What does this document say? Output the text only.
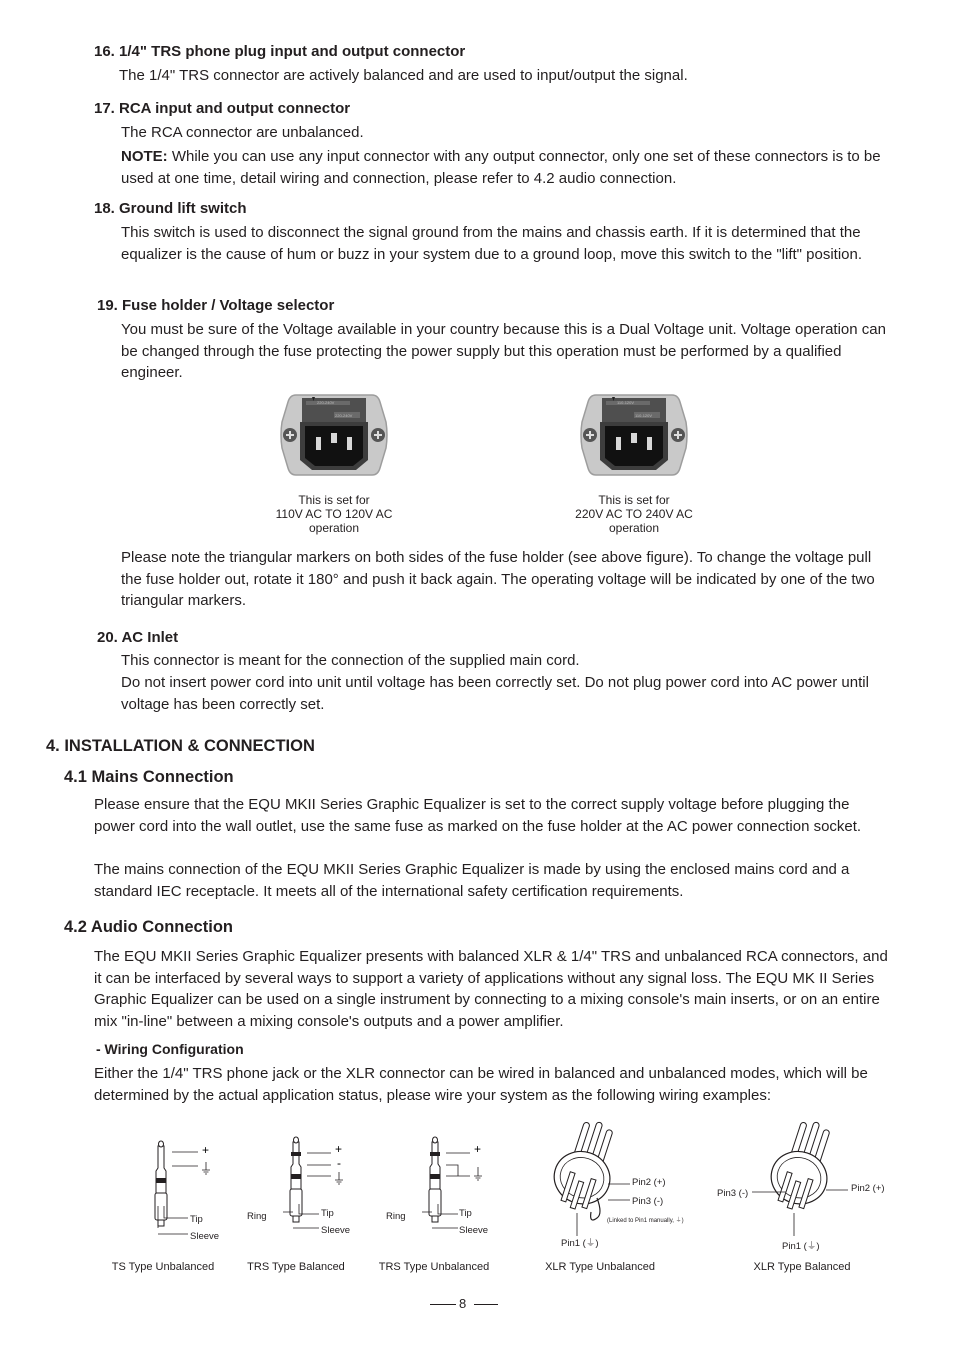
16. 1/4" TRS phone plug input and output connector
The 1/4" TRS connector are actively balanced and are used to input/output the signal.
17. RCA input and output connector
The RCA connector are unbalanced.
NOTE: While you can use any input connector with any output connector, only one set of these connectors is to be used at one time, detail wiring and connection, please refer to 4.2 audio connection.
18. Ground lift switch
This switch is used to disconnect the signal ground from the mains and chassis earth. If it is determined that the equalizer is the cause of hum or buzz in your system due to a ground loop, move this switch to the "lift" position.
19. Fuse holder / Voltage selector
You must be sure of the Voltage available in your country because this is a Dual Voltage unit. Voltage operation can be changed through the fuse protecting the power supply but this operation must be performed by a qualified engineer.
220-240V
220-240V
This is set for
110V AC TO 120V AC
operation
110-120V
110-120V
This is set for
220V AC TO 240V AC
operation
Please note the triangular markers on both sides of the fuse holder (see above figure). To change the voltage pull the fuse holder out, rotate it 180° and push it back again. The operating voltage will be indicated by one of the two triangular markers.
20. AC Inlet
This connector is meant for the connection of the supplied main cord.
Do not insert power cord into unit until voltage has been correctly set. Do not plug power cord into AC power until voltage has been correctly set.
4. INSTALLATION & CONNECTION
4.1 Mains Connection
Please ensure that the EQU MKII Series Graphic Equalizer is set to the correct supply voltage before plugging the power cord into the wall outlet, use the same fuse as marked on the fuse holder at the AC power connection socket.
The mains connection of the EQU MKII Series Graphic Equalizer is made by using the enclosed mains cord and a standard IEC receptacle. It meets all of the international safety certification requirements.
4.2 Audio Connection
The EQU MKII Series Graphic Equalizer presents with balanced XLR & 1/4" TRS and unbalanced RCA connectors, and it can be interfaced by several ways to support a variety of applications without any signal loss. The EQU MK II Series Graphic Equalizer can be used on a single instrument by connecting to a mixing console's main inserts, or on an entire mix "in-line" between a mixing console's outputs and a power amplifier.
- Wiring Configuration
Either the 1/4" TRS phone jack or the XLR connector can be wired in balanced and unbalanced modes, which will be determined by the actual application status, please wire your system as the following wiring examples:
+
Tip
Sleeve
+
-
Ring	Tip
Sleeve
+
Ring	Tip
Sleeve
Pin2 (+)
Pin3 (-)
(Linked to Pin1 manually, ⏚)
Pin1 (⏚)
Pin2 (+)
Pin3 (-)
Pin1 (⏚)
TS Type Unbalanced	TRS Type Balanced	TRS Type Unbalanced	XLR Type Unbalanced	XLR Type Balanced
8
